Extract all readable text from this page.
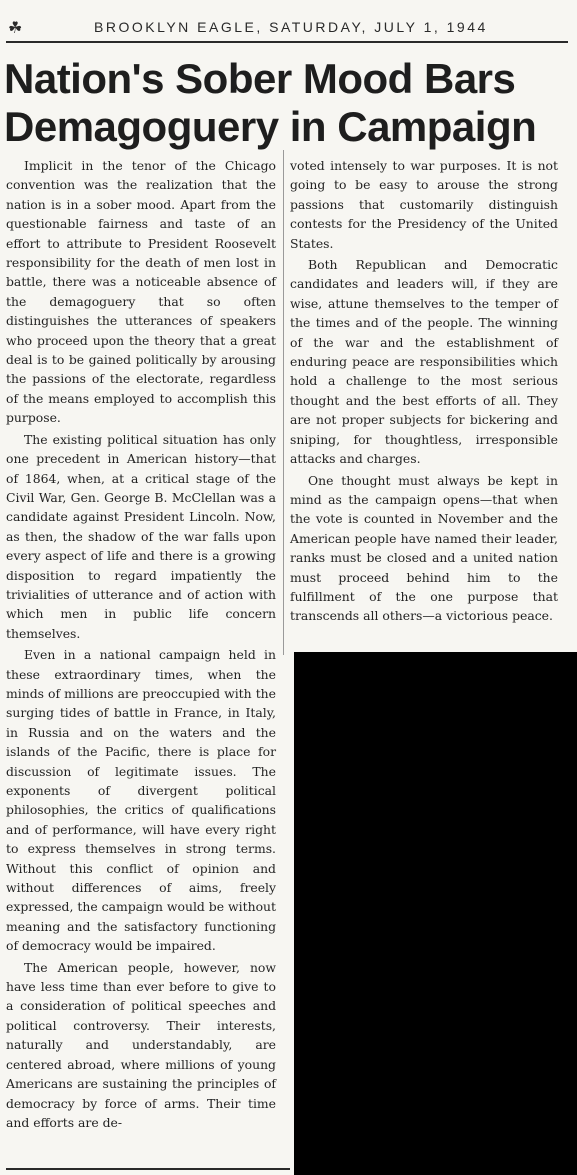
☘	BROOKLYN EAGLE, SATURDAY, JULY 1, 1944
Nation's Sober Mood Bars
Demagoguery in Campaign

Implicit in the tenor of the Chicago convention was the realization that the nation is in a sober mood. Apart from the questionable fairness and taste of an effort to attribute to President Roosevelt responsibility for the death of men lost in battle, there was a noticeable absence of the demagoguery that so often distinguishes the utterances of speakers who proceed upon the theory that a great deal is to be gained politically by arousing the passions of the electorate, regardless of the means employed to accomplish this purpose.

The existing political situation has only one precedent in American history—that of 1864, when, at a critical stage of the Civil War, Gen. George B. McClellan was a candidate against President Lincoln. Now, as then, the shadow of the war falls upon every aspect of life and there is a growing disposition to regard impatiently the trivialities of utterance and of action with which men in public life concern themselves.

Even in a national campaign held in these extraordinary times, when the minds of millions are preoccupied with the surging tides of battle in France, in Italy, in Russia and on the waters and the islands of the Pacific, there is place for discussion of legitimate issues. The exponents of divergent political philosophies, the critics of qualifications and of performance, will have every right to express themselves in strong terms. Without this conflict of opinion and without differences of aims, freely expressed, the campaign would be without meaning and the satisfactory functioning of democracy would be impaired.

The American people, however, now have less time than ever before to give to a consideration of political speeches and political controversy. Their interests, naturally and understandably, are centered abroad, where millions of young Americans are sustaining the principles of democracy by force of arms. Their time and efforts are de-

voted intensely to war purposes. It is not going to be easy to arouse the strong passions that customarily distinguish contests for the Presidency of the United States.

Both Republican and Democratic candidates and leaders will, if they are wise, attune themselves to the temper of the times and of the people. The winning of the war and the establishment of enduring peace are responsibilities which hold a challenge to the most serious thought and the best efforts of all. They are not proper subjects for bickering and sniping, for thoughtless, irresponsible attacks and charges.

One thought must always be kept in mind as the campaign opens—that when the vote is counted in November and the American people have named their leader, ranks must be closed and a united nation must proceed behind him to the fulfillment of the one purpose that transcends all others—a victorious peace.
